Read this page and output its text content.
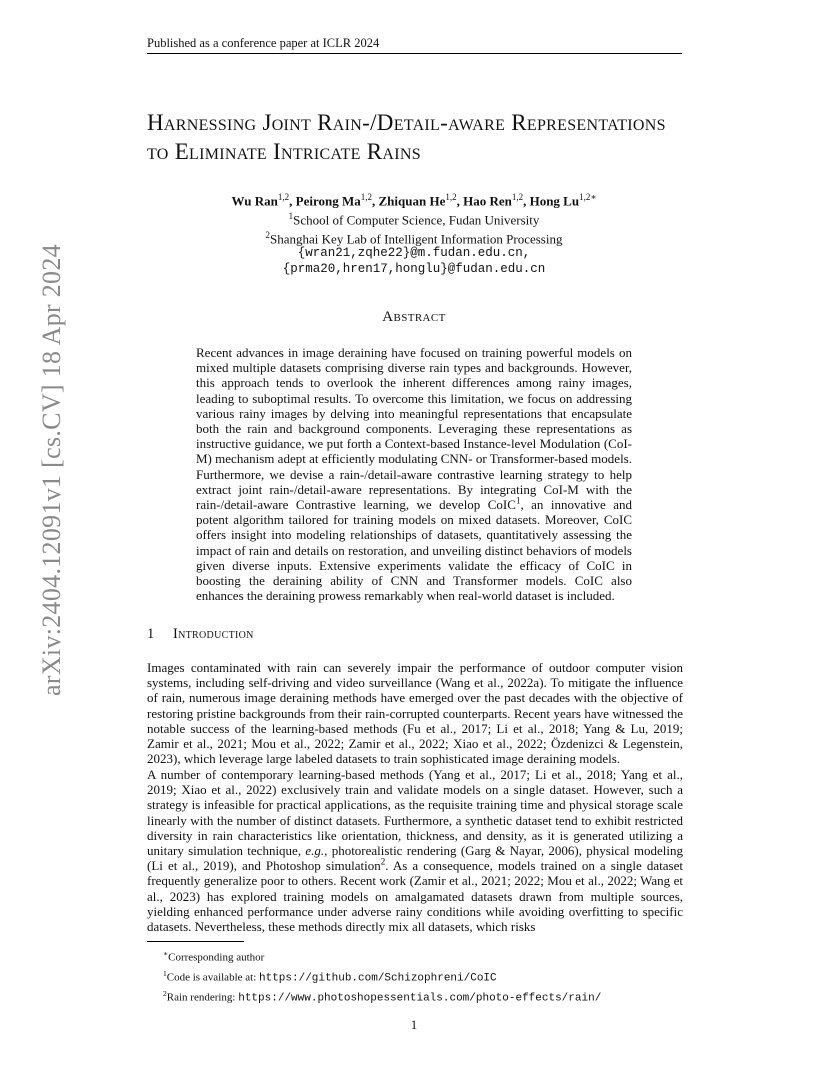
Published as a conference paper at ICLR 2024
arXiv:2404.12091v1 [cs.CV] 18 Apr 2024
Harnessing Joint Rain-/Detail-aware Representations to Eliminate Intricate Rains
Wu Ran$^{1,2}$, Peirong Ma$^{1,2}$, Zhiquan He$^{1,2}$, Hao Ren$^{1,2}$, Hong $Lu^{1,2∗}$
$^1$School of Computer Science, Fudan University
$^2$Shanghai Key Lab of Intelligent Information Processing
{wran21,zqhe22}@m.fudan.edu.cn,
{prma20,hren17,honglu}@fudan.edu.cn
Abstract
Recent advances in image deraining have focused on training powerful models on mixed multiple datasets comprising diverse rain types and backgrounds. However, this approach tends to overlook the inherent differences among rainy images, leading to suboptimal results. To overcome this limitation, we focus on addressing various rainy images by delving into meaningful representations that encapsulate both the rain and background components. Leveraging these representations as instructive guidance, we put forth a Context-based Instance-level Modulation (CoI-M) mechanism adept at efficiently modulating CNN- or Transformer-based models. Furthermore, we devise a rain-/detail-aware contrastive learning strategy to help extract joint rain-/detail-aware representations. By integrating CoI-M with the rain-/detail-aware Contrastive learning, we develop CoIC$^1$, an innovative and potent algorithm tailored for training models on mixed datasets. Moreover, CoIC offers insight into modeling relationships of datasets, quantitatively assessing the impact of rain and details on restoration, and unveiling distinct behaviors of models given diverse inputs. Extensive experiments validate the efficacy of CoIC in boosting the deraining ability of CNN and Transformer models. CoIC also enhances the deraining prowess remarkably when real-world dataset is included.
1 Introduction

Images contaminated with rain can severely impair the performance of outdoor computer vision systems, including self-driving and video surveillance (Wang et al., 2022a). To mitigate the influence of rain, numerous image deraining methods have emerged over the past decades with the objective of restoring pristine backgrounds from their rain-corrupted counterparts. Recent years have witnessed the notable success of the learning-based methods (Fu et al., 2017; Li et al., 2018; Yang & Lu, 2019; Zamir et al., 2021; Mou et al., 2022; Zamir et al., 2022; Xiao et al., 2022; Özdenizci & Legenstein, 2023), which leverage large labeled datasets to train sophisticated image deraining models.

A number of contemporary learning-based methods (Yang et al., 2017; Li et al., 2018; Yang et al., 2019; Xiao et al., 2022) exclusively train and validate models on a single dataset. However, such a strategy is infeasible for practical applications, as the requisite training time and physical storage scale linearly with the number of distinct datasets. Furthermore, a synthetic dataset tend to exhibit restricted diversity in rain characteristics like orientation, thickness, and density, as it is generated utilizing a unitary simulation technique, e.g., photorealistic rendering (Garg & Nayar, 2006), physical modeling (Li et al., 2019), and Photoshop simulation$^2$. As a consequence, models trained on a single dataset frequently generalize poor to others. Recent work (Zamir et al., 2021; 2022; Mou et al., 2022; Wang et al., 2023) has explored training models on amalgamated datasets drawn from multiple sources, yielding enhanced performance under adverse rainy conditions while avoiding overfitting to specific datasets. Nevertheless, these methods directly mix all datasets, which risks

∗Corresponding author
$^1$Code is available at: https://github.com/Schizophreni/CoIC
$^2$Rain rendering: https://www.photoshopessentials.com/photo-effects/rain/
1
